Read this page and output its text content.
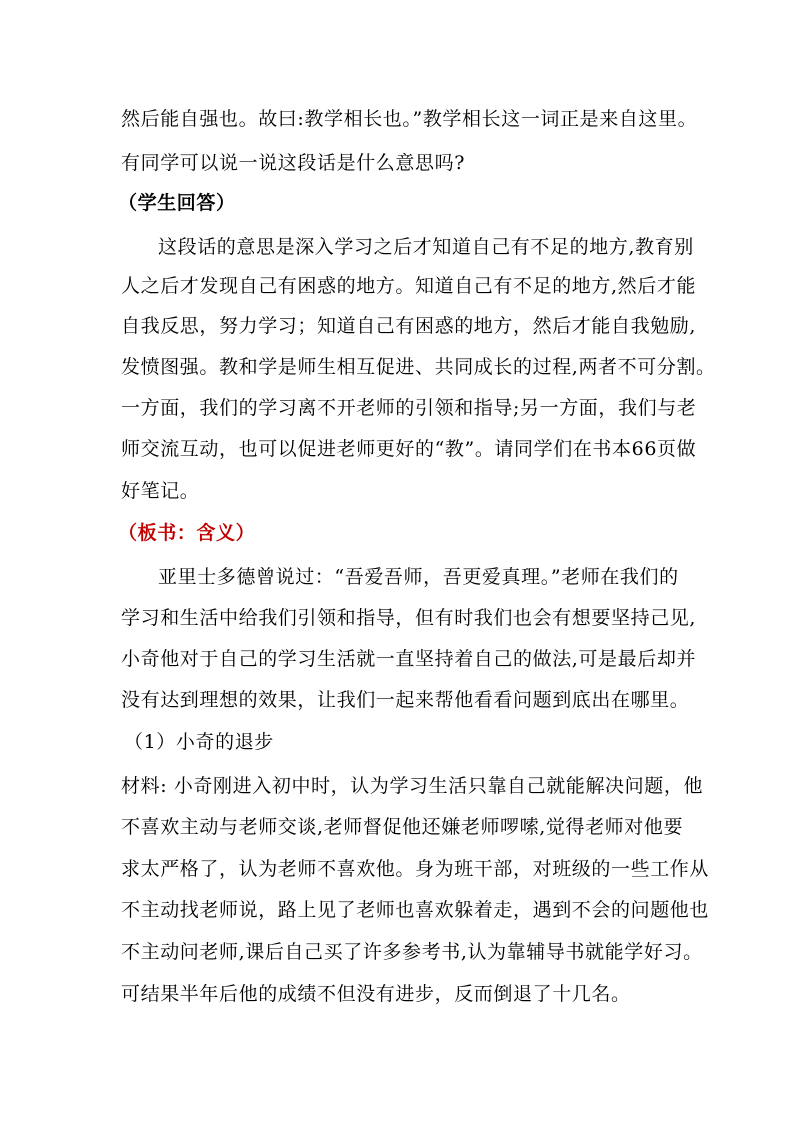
然后能自强也。故曰:教学相长也。”教学相长这一词正是来自这里。
有同学可以说一说这段话是什么意思吗?
（学生回答）
这段话的意思是深入学习之后才知道自己有不足的地方,教育别
人之后才发现自己有困惑的地方。知道自己有不足的地方,然后才能
自我反思，努力学习；知道自己有困惑的地方，然后才能自我勉励,
发愤图强。教和学是师生相互促进、共同成长的过程,两者不可分割。
一方面，我们的学习离不开老师的引领和指导;另一方面，我们与老
师交流互动，也可以促进老师更好的“教”。请同学们在书本66页做
好笔记。
（板书：含义）
亚里士多德曾说过：“吾爱吾师，吾更爱真理。”老师在我们的
学习和生活中给我们引领和指导，但有时我们也会有想要坚持己见,
小奇他对于自己的学习生活就一直坚持着自己的做法,可是最后却并
没有达到理想的效果，让我们一起来帮他看看问题到底出在哪里。
（1）小奇的退步
材料: 小奇刚进入初中时，认为学习生活只靠自己就能解决问题，他
不喜欢主动与老师交谈,老师督促他还嫌老师啰嗦,觉得老师对他要
求太严格了，认为老师不喜欢他。身为班干部，对班级的一些工作从
不主动找老师说，路上见了老师也喜欢躲着走，遇到不会的问题他也
不主动问老师,课后自己买了许多参考书,认为靠辅导书就能学好习。
可结果半年后他的成绩不但没有进步，反而倒退了十几名。
